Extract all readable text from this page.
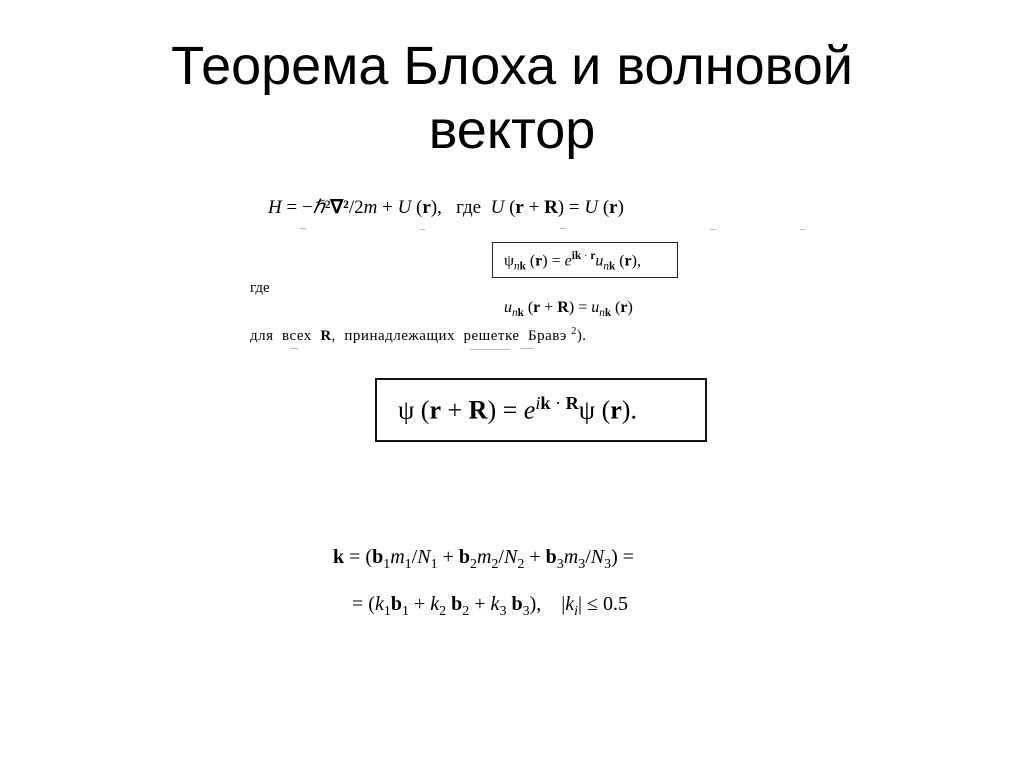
Теорема Блоха и волновой
вектор
H = −ℏ²∇²/2m + U (r),   где  U (r + R) = U (r)
$\psi_{nk}$ $(r) = e^{ik \cdot r}u_{nk}$ (r),
где
$u_{nk}$ $(r + R) = u_{nk}$ (r)
для  всех  R,  принадлежащих  решетке  Бравэ $^2$).
ψ $(r + R) = e^{ik \cdot R}\psi$ (r).
$k = (b_1m_1/N_1 + b_2m_2/N_2 + b_3m_3/N_3)$ =
= ($k_1b_1 + k_2$ $b_2 + k_3$ $b_3$),    $|k_i| \le 0.5$
